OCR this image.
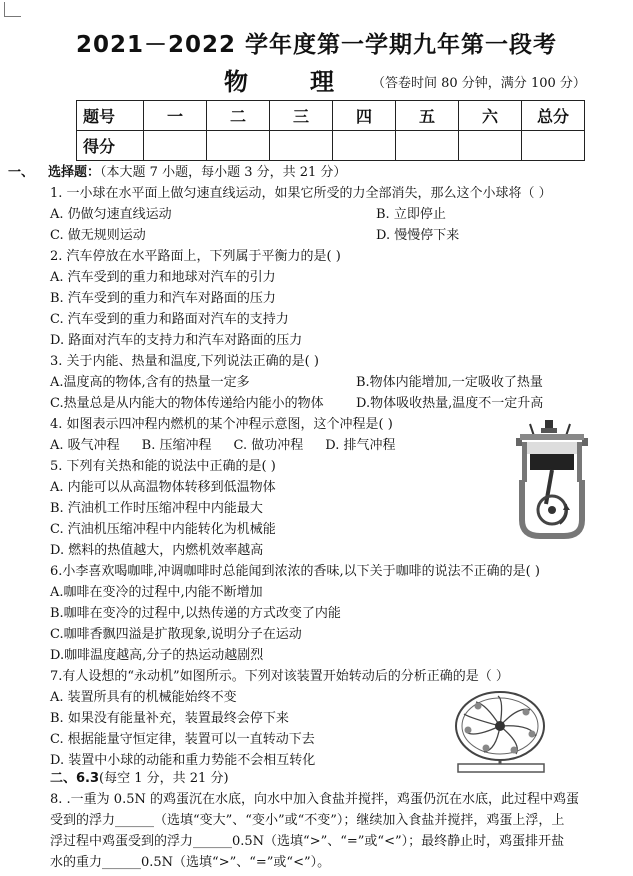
2021－2022 学年度第一学期九年第一段考
物	理	（答卷时间 80 分钟，满分 100 分）
题号	一	二	三	四	五	六	总分
得分							
一、 选择题：（本大题 7 小题，每小题 3 分，共 21 分）
1. 一小球在水平面上做匀速直线运动，如果它所受的力全部消失，那么这个小球将（ ）
A. 仍做匀速直线运动	B. 立即停止
C. 做无规则运动	D. 慢慢停下来
2. 汽车停放在水平路面上，下列属于平衡力的是( )
A. 汽车受到的重力和地球对汽车的引力
B. 汽车受到的重力和汽车对路面的压力
C. 汽车受到的重力和路面对汽车的支持力
D. 路面对汽车的支持力和汽车对路面的压力
3. 关于内能、热量和温度,下列说法正确的是( )
A.温度高的物体,含有的热量一定多	B.物体内能增加,一定吸收了热量
C.热量总是从内能大的物体传递给内能小的物体 D.物体吸收热量,温度不一定升高
4. 如图表示四冲程内燃机的某个冲程示意图，这个冲程是( )
A. 吸气冲程 B. 压缩冲程 C. 做功冲程 D. 排气冲程
5. 下列有关热和能的说法中正确的是( )
A. 内能可以从高温物体转移到低温物体
B. 汽油机工作时压缩冲程中内能最大
C. 汽油机压缩冲程中内能转化为机械能
D. 燃料的热值越大，内燃机效率越高
6.小李喜欢喝咖啡,冲调咖啡时总能闻到浓浓的香味,以下关于咖啡的说法不正确的是( )
A.咖啡在变冷的过程中,内能不断增加
B.咖啡在变冷的过程中,以热传递的方式改变了内能
C.咖啡香飘四溢是扩散现象,说明分子在运动
D.咖啡温度越高,分子的热运动越剧烈
7.有人设想的“永动机”如图所示。下列对该装置开始转动后的分析正确的是（ ）
A. 装置所具有的机械能始终不变
B. 如果没有能量补充，装置最终会停下来
C. 根据能量守恒定律，装置可以一直转动下去
D. 装置中小球的动能和重力势能不会相互转化
二、6.3(每空 1 分，共 21 分)
8. .一重为 0.5N 的鸡蛋沉在水底，向水中加入食盐并搅拌，鸡蛋仍沉在水底，此过程中鸡蛋
受到的浮力______（选填“变大”、“变小”或“不变”）；继续加入食盐并搅拌，鸡蛋上浮，上
浮过程中鸡蛋受到的浮力______0.5N（选填“>”、“=”或“<”）；最终静止时，鸡蛋排开盐
水的重力______0.5N（选填“>”、“=”或“<”）。
